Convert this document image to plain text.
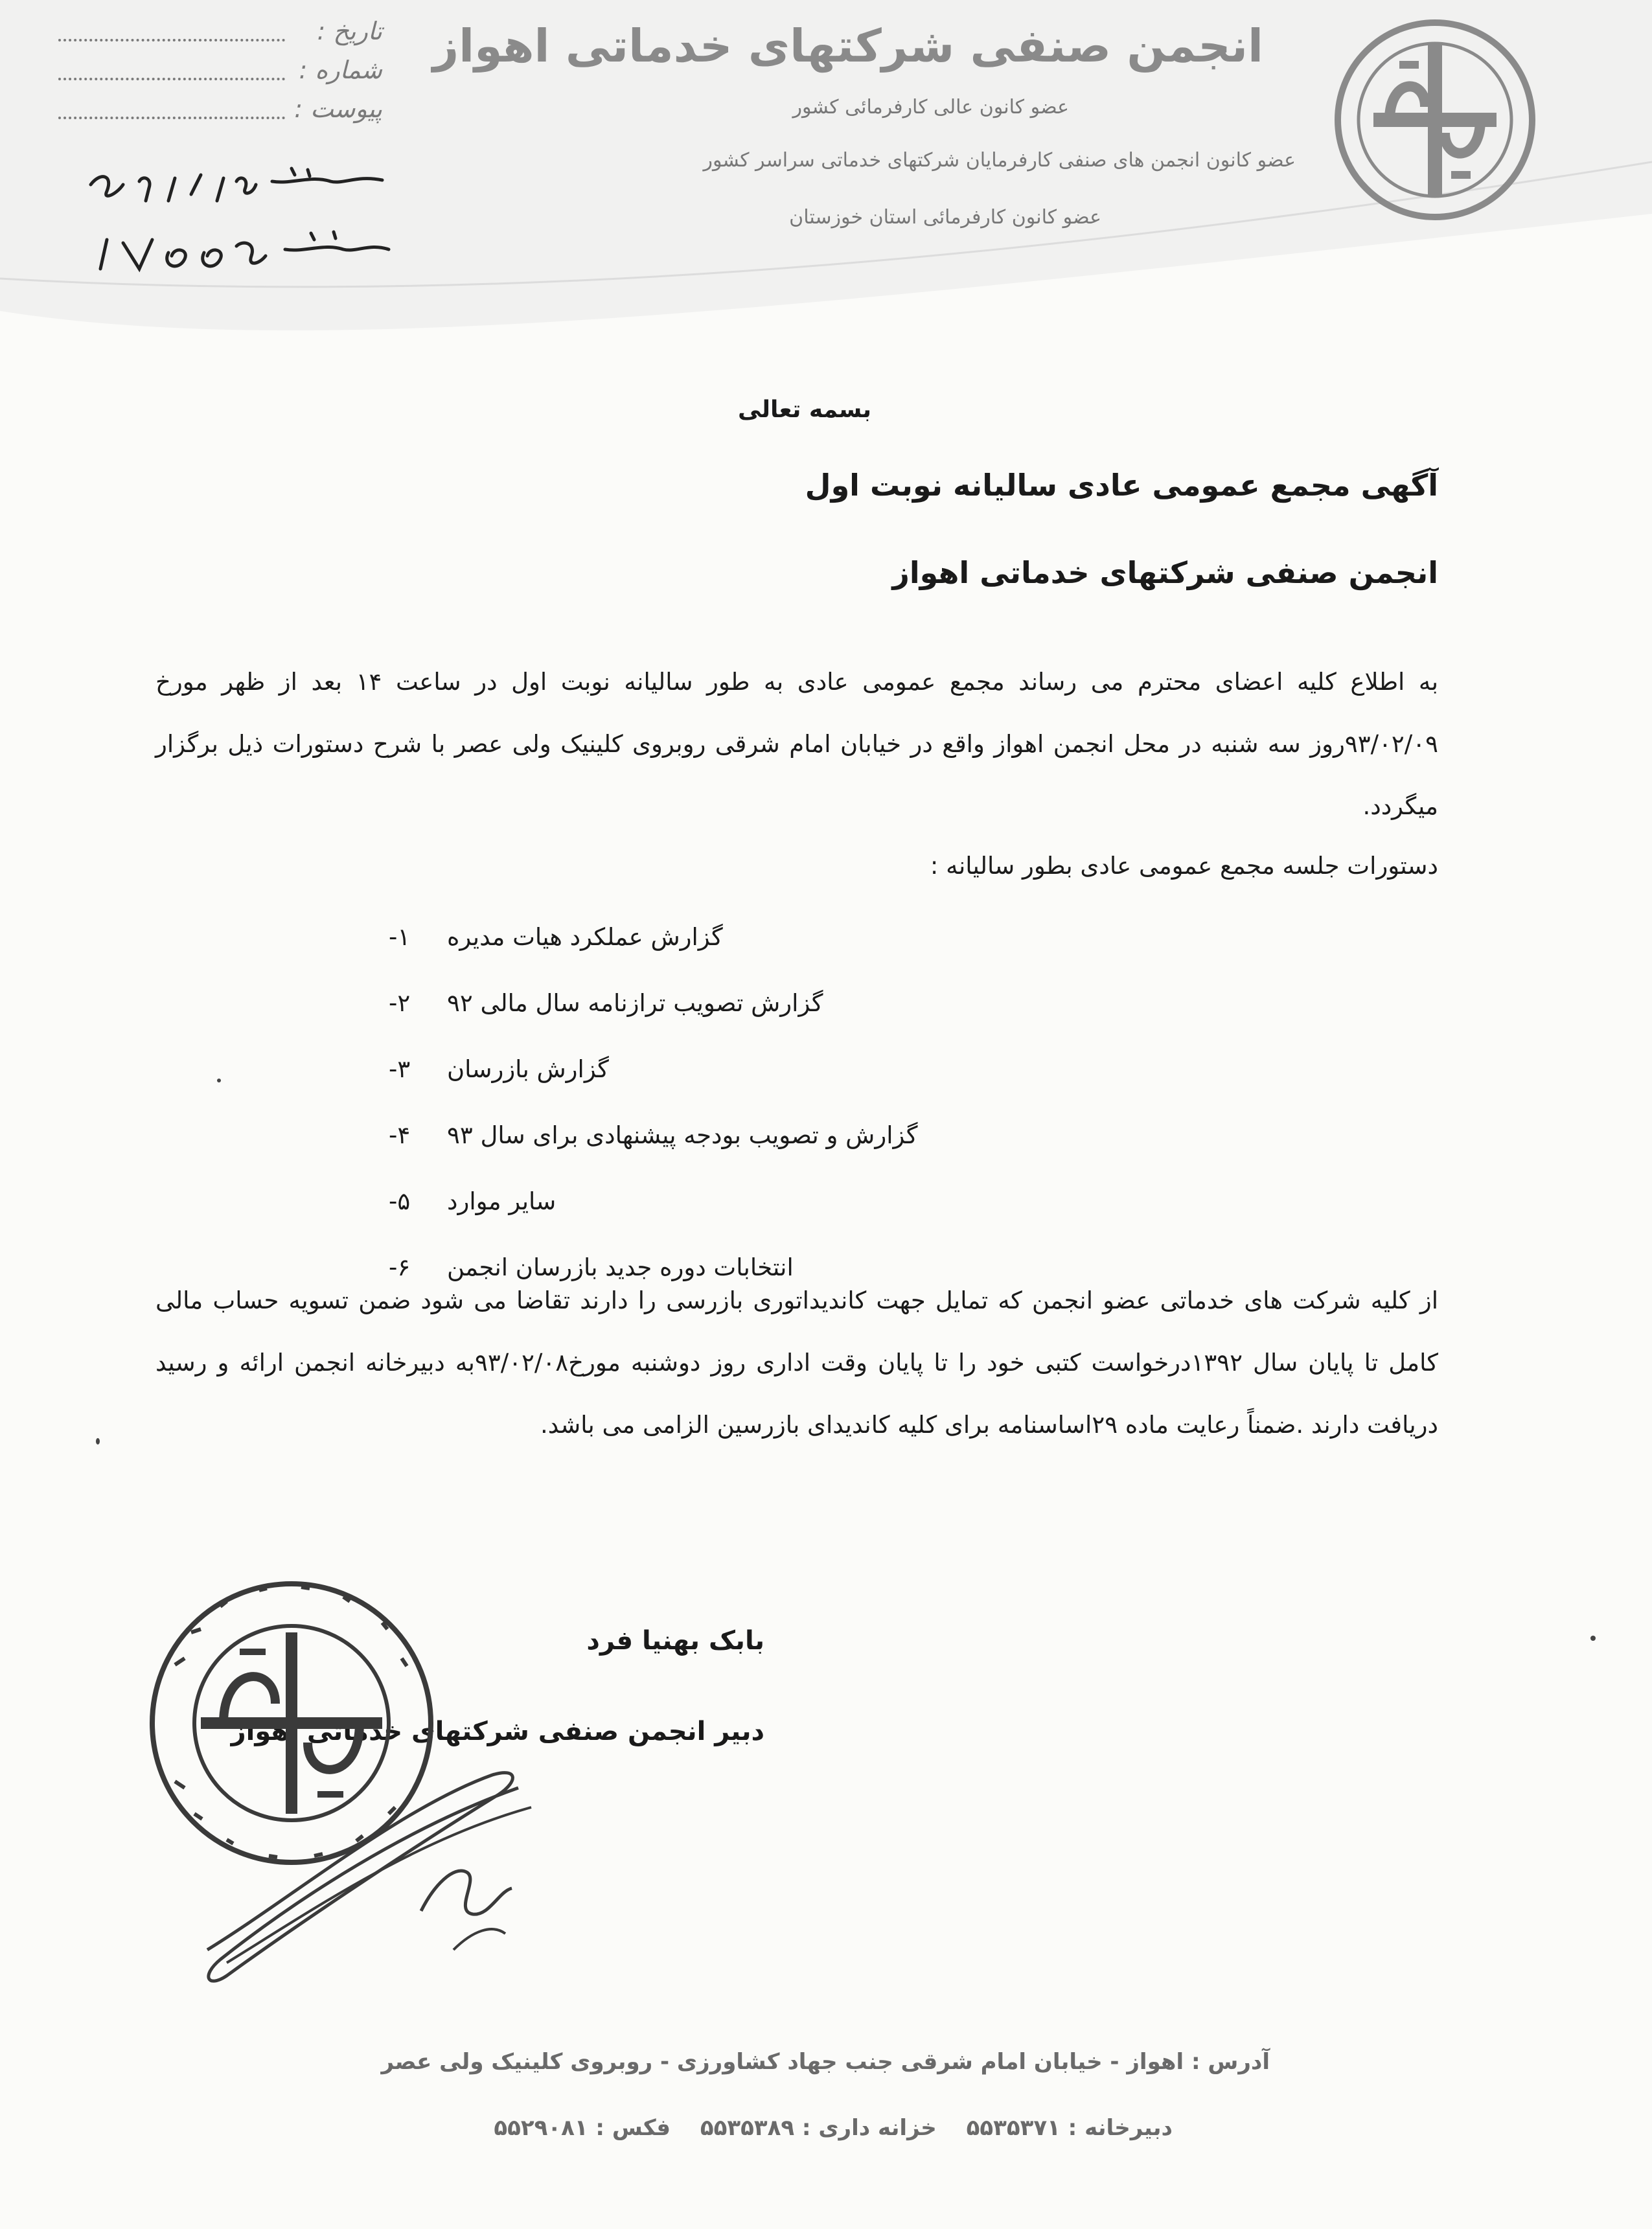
انجمن صنفی شرکتهای خدماتی اهواز
عضو کانون عالی کارفرمائی کشور
عضو کانون انجمن های صنفی کارفرمایان شرکتهای خدماتی سراسر کشور
عضو کانون کارفرمائی استان خوزستان
تاریخ :
شماره :
پیوست :
بسمه تعالی
آگهی مجمع عمومی عادی سالیانه نوبت اول
انجمن صنفی شرکتهای خدماتی اهواز
به اطلاع کلیه اعضای محترم می رساند مجمع عمومی عادی به طور سالیانه نوبت اول در ساعت ۱۴ بعد از ظهر مورخ ۹۳/۰۲/۰۹روز سه شنبه در محل انجمن اهواز واقع در خیابان امام شرقی روبروی کلینیک ولی عصر با شرح دستورات ذیل برگزار میگردد.
دستورات جلسه مجمع عمومی عادی بطور سالیانه :
-۱	گزارش عملکرد هیات مدیره
-۲	گزارش تصویب ترازنامه سال مالی ۹۲
-۳	گزارش بازرسان
-۴	گزارش و تصویب بودجه پیشنهادی برای سال ۹۳
-۵	سایر موارد
-۶	انتخابات دوره جدید بازرسان انجمن
از کلیه شرکت های خدماتی عضو انجمن که تمایل جهت کاندیداتوری بازرسی را دارند تقاضا می شود ضمن تسویه حساب مالی کامل تا پایان سال ۱۳۹۲درخواست کتبی خود را تا پایان وقت اداری روز دوشنبه مورخ۹۳/۰۲/۰۸به دبیرخانه انجمن ارائه و رسید دریافت دارند .ضمناً رعایت ماده ۲۹اساسنامه برای کلیه کاندیدای بازرسین الزامی می باشد.
بابک بهنیا فرد
دبیر انجمن صنفی شرکتهای خدماتی اهواز
آدرس : اهواز - خیابان امام شرقی جنب جهاد کشاورزی - روبروی کلینیک ولی عصر
دبیرخانه : ۵۵۳۵۳۷۱ خزانه داری : ۵۵۳۵۳۸۹ فکس : ۵۵۲۹۰۸۱
